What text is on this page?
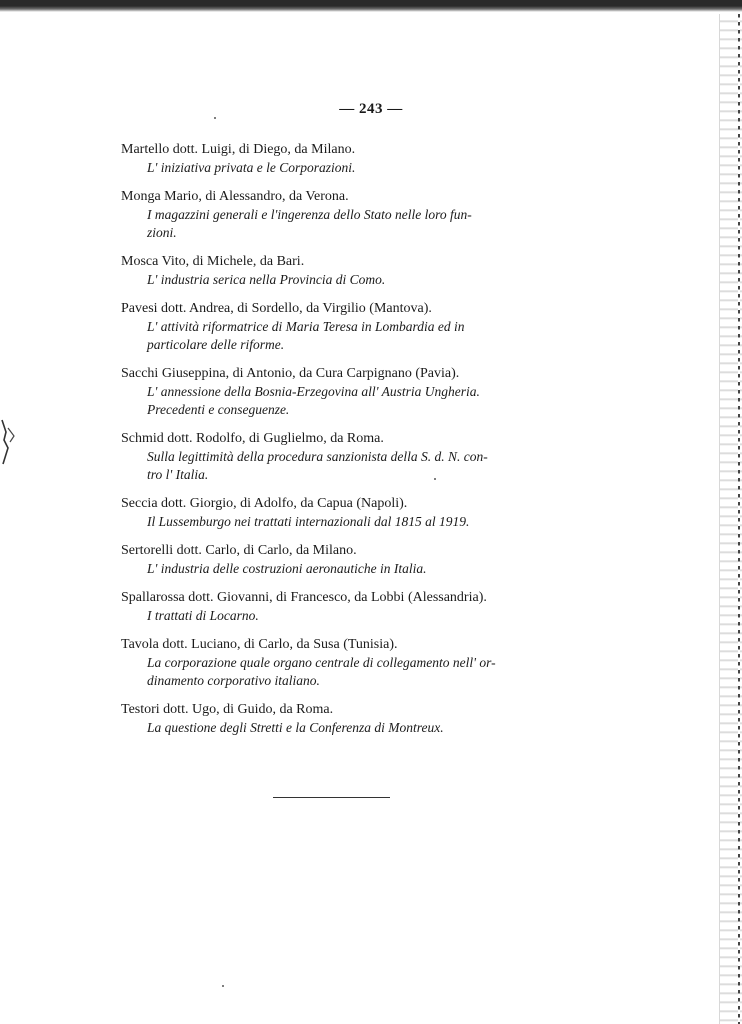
— 243 —
Martello dott. Luigi, di Diego, da Milano.
L' iniziativa privata e le Corporazioni.
Monga Mario, di Alessandro, da Verona.
I magazzini generali e l'ingerenza dello Stato nelle loro fun-
zioni.
Mosca Vito, di Michele, da Bari.
L' industria serica nella Provincia di Como.
Pavesi dott. Andrea, di Sordello, da Virgilio (Mantova).
L' attività riformatrice di Maria Teresa in Lombardia ed in
particolare delle riforme.
Sacchi Giuseppina, di Antonio, da Cura Carpignano (Pavia).
L' annessione della Bosnia-Erzegovina all' Austria Ungheria.
Precedenti e conseguenze.
Schmid dott. Rodolfo, di Guglielmo, da Roma.
Sulla legittimità della procedura sanzionista della S. d. N. con-
tro l' Italia.
Seccia dott. Giorgio, di Adolfo, da Capua (Napoli).
Il Lussemburgo nei trattati internazionali dal 1815 al 1919.
Sertorelli dott. Carlo, di Carlo, da Milano.
L' industria delle costruzioni aeronautiche in Italia.
Spallarossa dott. Giovanni, di Francesco, da Lobbi (Alessandria).
I trattati di Locarno.
Tavola dott. Luciano, di Carlo, da Susa (Tunisia).
La corporazione quale organo centrale di collegamento nell' or-
dinamento corporativo italiano.
Testori dott. Ugo, di Guido, da Roma.
La questione degli Stretti e la Conferenza di Montreux.
